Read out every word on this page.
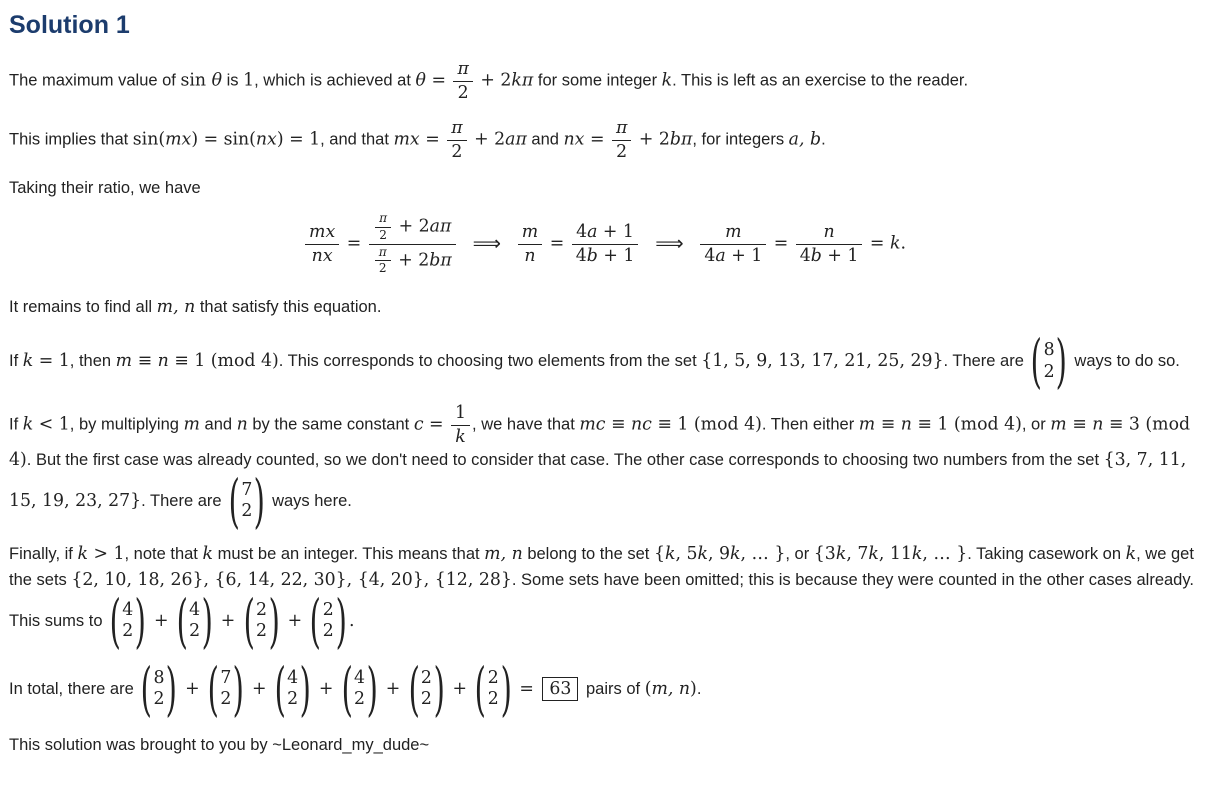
Solution 1

The maximum value of sin θ is 1, which is achieved at $\theta = \frac{\pi}{2} + 2k\pi$ for some integer k. This is left as an exercise to the reader.

This implies that sin(mx) = sin(nx) = 1, and that mx = $\frac{\pi}{2} + 2a\pi$ and nx = $\frac{\pi}{2} + 2b\pi$, for integers a, b.

Taking their ratio, we have

$\frac{mx}{nx} = \frac{\frac{\pi}{2} + 2a\pi}{\frac{\pi}{2} + 2b\pi}$ ⟹ $\frac{m}{n} = \frac{4a + 1}{4b + 1}$ ⟹ $\frac{m}{4a + 1} = \frac{n}{4b + 1} = k$.

It remains to find all m, n that satisfy this equation.

If k = 1, then m ≡ n ≡ 1 (mod 4). This corresponds to choosing two elements from the set {1, 5, 9, 13, 17, 21, 25, 29}. There are ( 8
2 ) ways to do so.

If k < 1, by multiplying m and n by the same constant $c = \frac{1}{k}$ , we have that mc ≡ nc ≡ 1 (mod 4). Then either m ≡ n ≡ 1 (mod 4), or m ≡ n ≡ 3 (mod 4). But the first case was already counted, so we don't need to consider that case. The other case corresponds to choosing two numbers from the set {3, 7, 11, 15, 19, 23, 27}. There are ( 7
2 ) ways here.

Finally, if k > 1, note that k must be an integer. This means that m, n belong to the set {k, 5k, 9k, … }, or {3k, 7k, 11k, … }. Taking casework on k, we get the sets {2, 10, 18, 26}, {6, 14, 22, 30}, {4, 20}, {12, 28}. Some sets have been omitted; this is because they were counted in the other cases already. This sums to ( 4
2 ) + ( 4
2 ) + ( 2
2 ) + ( 2
2 ) .

In total, there are ( 8
2 ) + ( 7
2 ) + ( 4
2 ) + ( 4
2 ) + ( 2
2 ) + ( 2
2 ) = 63 pairs of (m, n).

This solution was brought to you by ~Leonard_my_dude~
